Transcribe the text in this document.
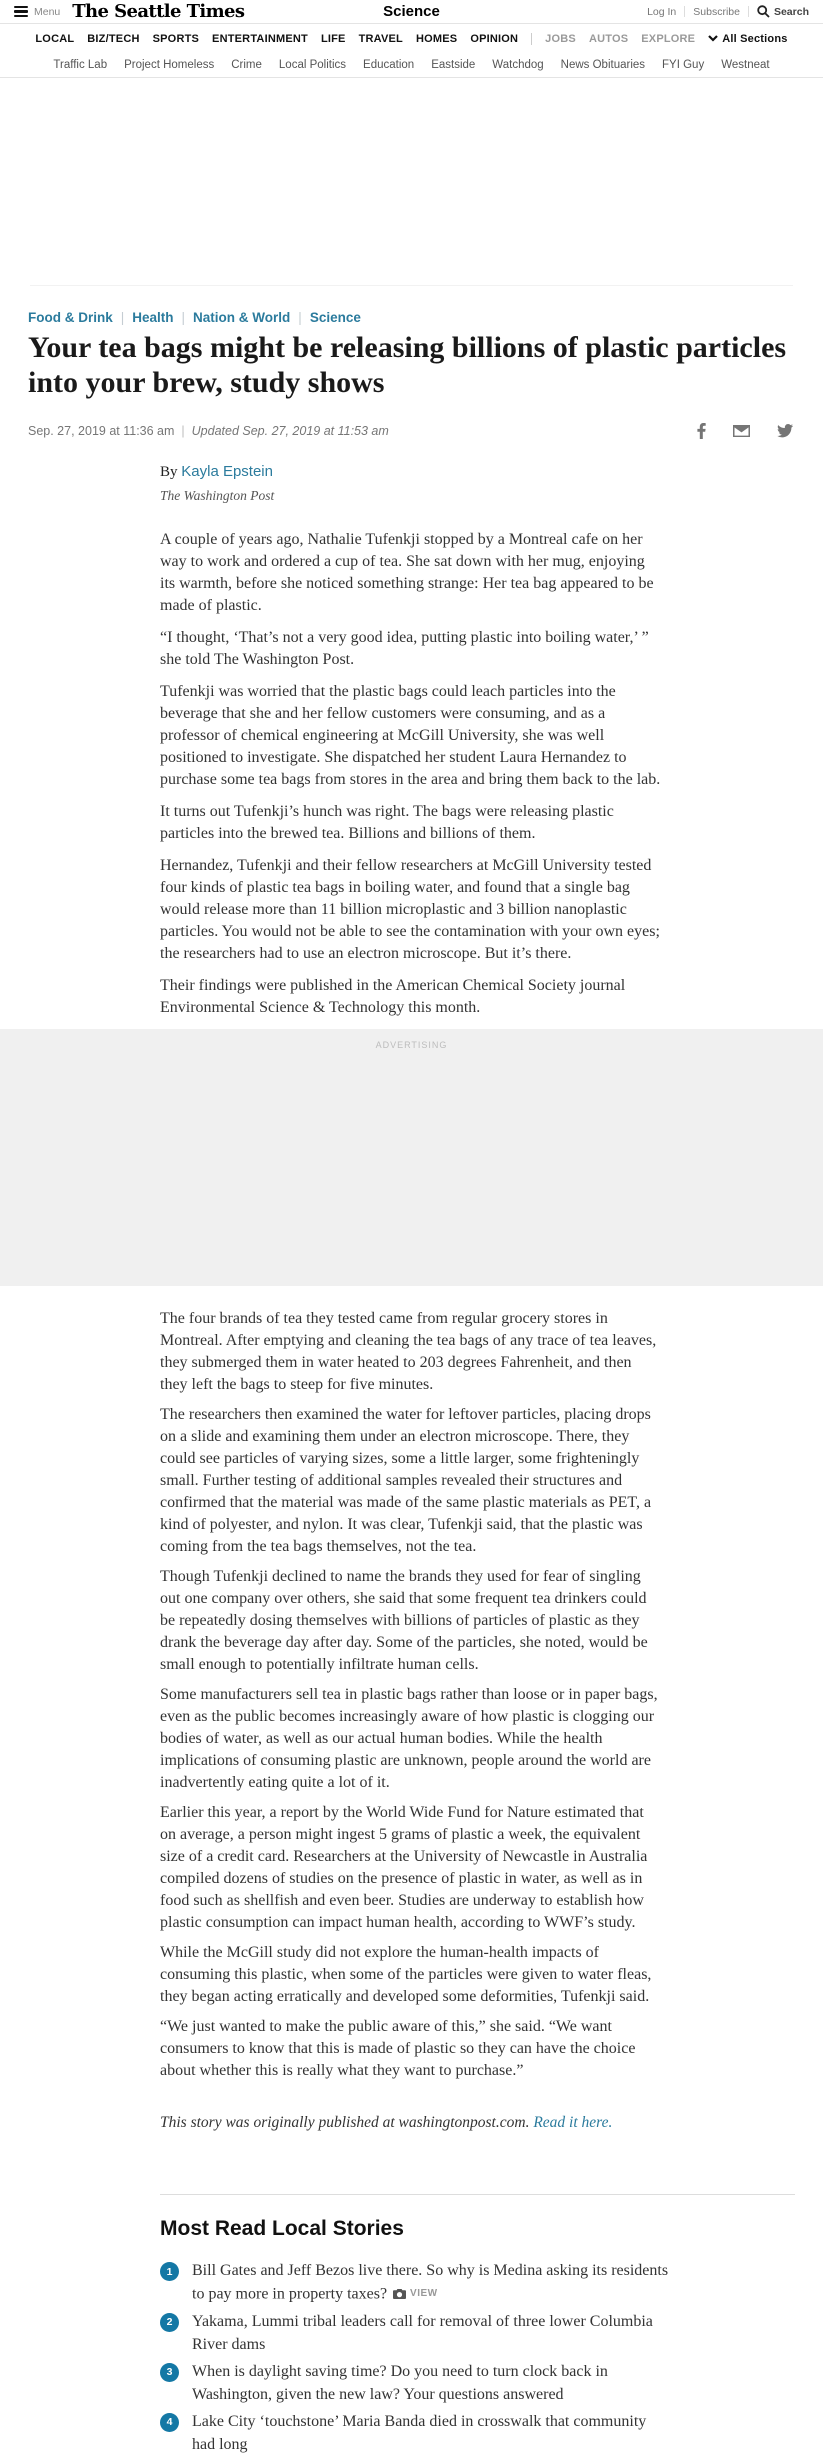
Menu The Seattle Times	Science	Log In Subscribe	Search
LOCAL BIZ/TECH SPORTS ENTERTAINMENT LIFE TRAVEL HOMES OPINION JOBS AUTOS EXPLORE All Sections
Traffic Lab Project Homeless Crime Local Politics Education Eastside Watchdog News Obituaries FYI Guy Westneat
Food & Drink | Health | Nation & World | Science
Your tea bags might be releasing billions of plastic particles into your brew, study shows
Sep. 27, 2019 at 11:36 am | Updated Sep. 27, 2019 at 11:53 am
By Kayla Epstein
The Washington Post

A couple of years ago, Nathalie Tufenkji stopped by a Montreal cafe on her way to work and ordered a cup of tea. She sat down with her mug, enjoying its warmth, before she noticed something strange: Her tea bag appeared to be made of plastic.

“I thought, ‘That’s not a very good idea, putting plastic into boiling water,’ ” she told The Washington Post.

Tufenkji was worried that the plastic bags could leach particles into the beverage that she and her fellow customers were consuming, and as a professor of chemical engineering at McGill University, she was well positioned to investigate. She dispatched her student Laura Hernandez to purchase some tea bags from stores in the area and bring them back to the lab.

It turns out Tufenkji’s hunch was right. The bags were releasing plastic particles into the brewed tea. Billions and billions of them.

Hernandez, Tufenkji and their fellow researchers at McGill University tested four kinds of plastic tea bags in boiling water, and found that a single bag would release more than 11 billion microplastic and 3 billion nanoplastic particles. You would not be able to see the contamination with your own eyes; the researchers had to use an electron microscope. But it’s there.

Their findings were published in the American Chemical Society journal Environmental Science & Technology this month.

ADVERTISING

The four brands of tea they tested came from regular grocery stores in Montreal. After emptying and cleaning the tea bags of any trace of tea leaves, they submerged them in water heated to 203 degrees Fahrenheit, and then they left the bags to steep for five minutes.

The researchers then examined the water for leftover particles, placing drops on a slide and examining them under an electron microscope. There, they could see particles of varying sizes, some a little larger, some frighteningly small. Further testing of additional samples revealed their structures and confirmed that the material was made of the same plastic materials as PET, a kind of polyester, and nylon. It was clear, Tufenkji said, that the plastic was coming from the tea bags themselves, not the tea.

Though Tufenkji declined to name the brands they used for fear of singling out one company over others, she said that some frequent tea drinkers could be repeatedly dosing themselves with billions of particles of plastic as they drank the beverage day after day. Some of the particles, she noted, would be small enough to potentially infiltrate human cells.

Some manufacturers sell tea in plastic bags rather than loose or in paper bags, even as the public becomes increasingly aware of how plastic is clogging our bodies of water, as well as our actual human bodies. While the health implications of consuming plastic are unknown, people around the world are inadvertently eating quite a lot of it.

Earlier this year, a report by the World Wide Fund for Nature estimated that on average, a person might ingest 5 grams of plastic a week, the equivalent size of a credit card. Researchers at the University of Newcastle in Australia compiled dozens of studies on the presence of plastic in water, as well as in food such as shellfish and even beer. Studies are underway to establish how plastic consumption can impact human health, according to WWF’s study.

While the McGill study did not explore the human-health impacts of consuming this plastic, when some of the particles were given to water fleas, they began acting erratically and developed some deformities, Tufenkji said.

“We just wanted to make the public aware of this,” she said. “We want consumers to know that this is made of plastic so they can have the choice about whether this is really what they want to purchase.”

This story was originally published at washingtonpost.com. Read it here.
Most Read Local Stories
1	Bill Gates and Jeff Bezos live there. So why is Medina asking its residents to pay more in property taxes? VIEW
2	Yakama, Lummi tribal leaders call for removal of three lower Columbia River dams
3	When is daylight saving time? Do you need to turn clock back in Washington, given the new law? Your questions answered
4	Lake City ‘touchstone’ Maria Banda died in crosswalk that community had long
